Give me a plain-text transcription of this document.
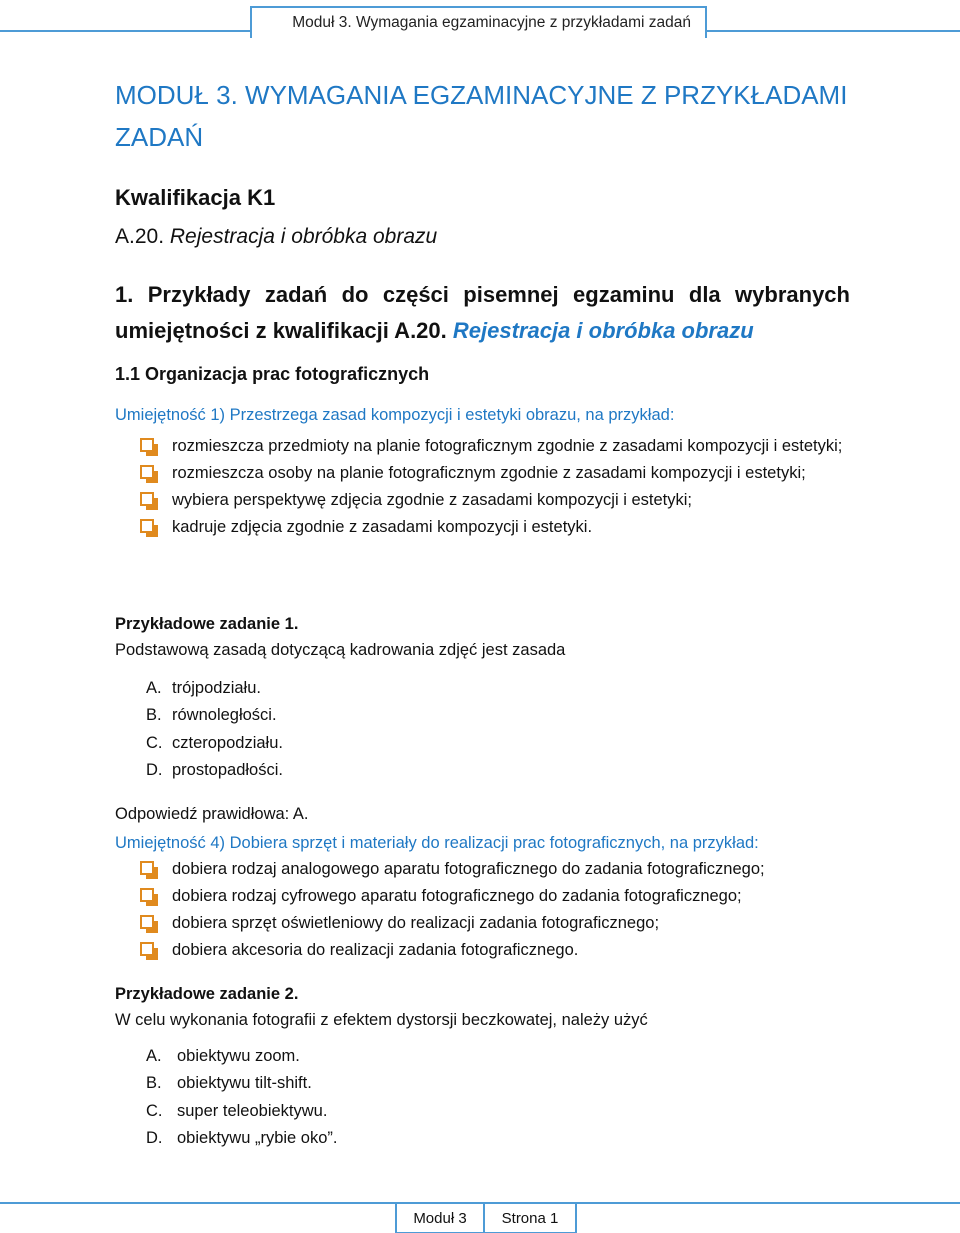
Moduł 3. Wymagania egzaminacyjne z przykładami zadań
MODUŁ 3. WYMAGANIA EGZAMINACYJNE Z PRZYKŁADAMI ZADAŃ
Kwalifikacja K1
A.20. Rejestracja i obróbka obrazu
1. Przykłady zadań do części pisemnej egzaminu dla wybranych umiejętności z kwalifikacji A.20. Rejestracja i obróbka obrazu
1.1 Organizacja prac fotograficznych
Umiejętność 1) Przestrzega zasad kompozycji i estetyki obrazu, na przykład:
rozmieszcza przedmioty na planie fotograficznym zgodnie z zasadami kompozycji i estetyki;
rozmieszcza osoby na planie fotograficznym zgodnie z zasadami kompozycji i estetyki;
wybiera perspektywę zdjęcia zgodnie z zasadami kompozycji i estetyki;
kadruje zdjęcia zgodnie z zasadami kompozycji i estetyki.
Przykładowe zadanie 1.
Podstawową zasadą dotyczącą kadrowania zdjęć jest zasada
A. trójpodziału.
B. równoległości.
C. czteropodziału.
D. prostopadłości.
Odpowiedź prawidłowa: A.
Umiejętność 4) Dobiera sprzęt i materiały do realizacji prac fotograficznych, na przykład:
dobiera rodzaj analogowego aparatu fotograficznego do zadania fotograficznego;
dobiera rodzaj cyfrowego aparatu fotograficznego do zadania fotograficznego;
dobiera sprzęt oświetleniowy do realizacji zadania fotograficznego;
dobiera akcesoria do realizacji zadania fotograficznego.
Przykładowe zadanie 2.
W celu wykonania fotografii z efektem dystorsji beczkowatej, należy użyć
A. obiektywu zoom.
B. obiektywu tilt-shift.
C. super teleobiektywu.
D. obiektywu „rybie oko”.
Moduł 3	Strona 1
